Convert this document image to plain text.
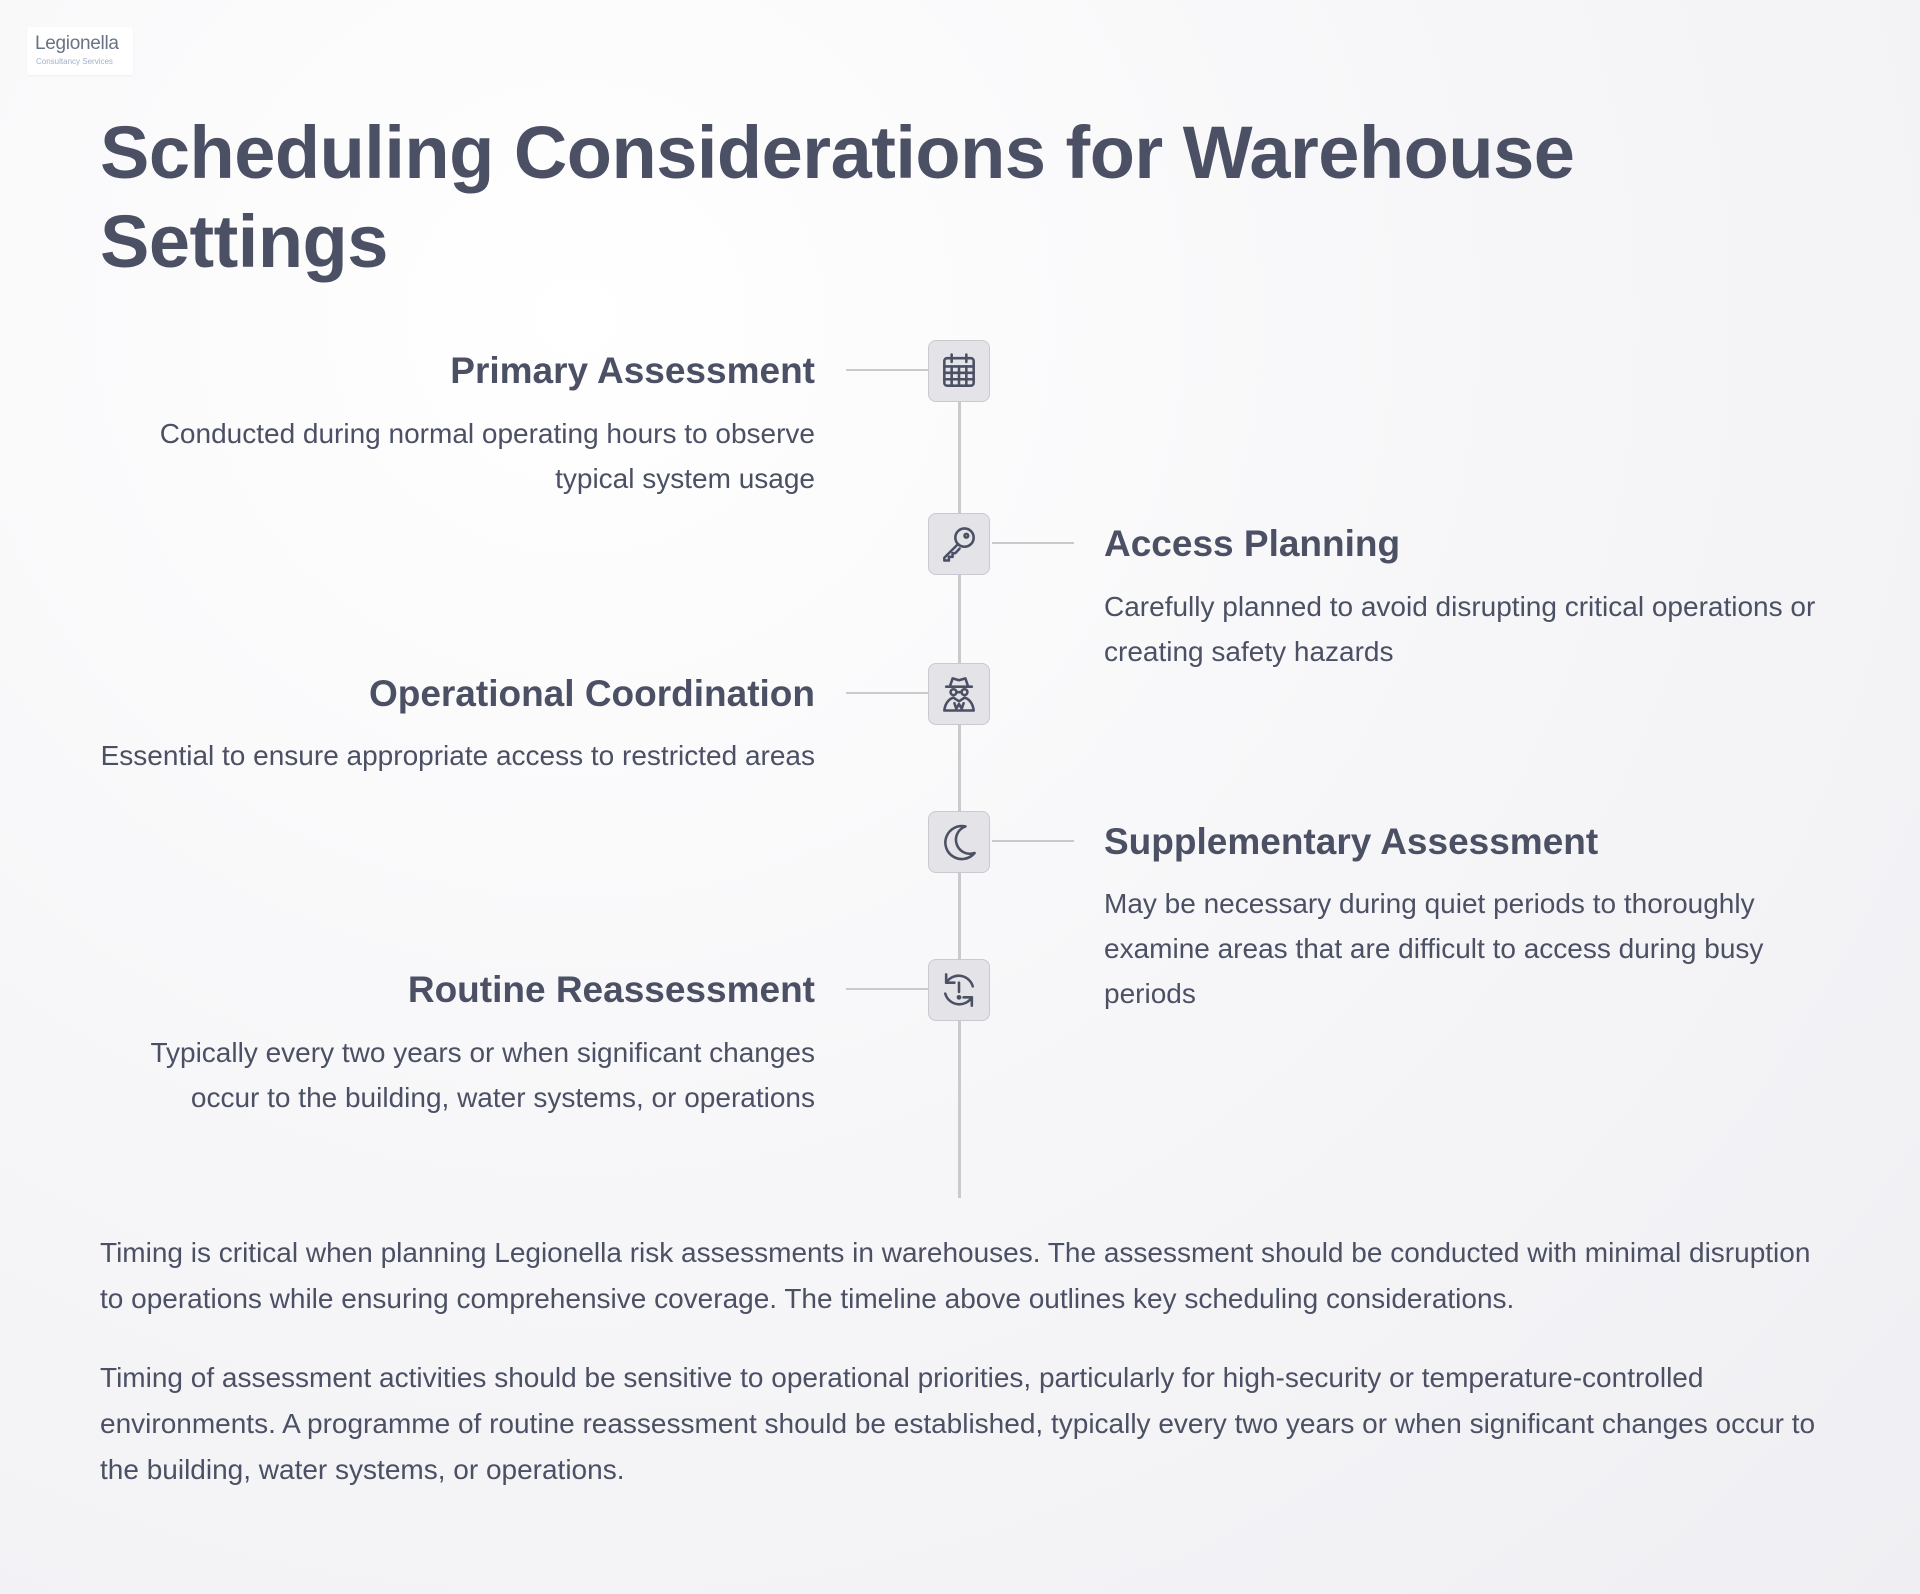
Legionella
Consultancy Services
Scheduling Considerations for Warehouse Settings
Primary Assessment

Conducted during normal operating hours to observe typical system usage

Access Planning

Carefully planned to avoid disrupting critical operations or creating safety hazards

Operational Coordination

Essential to ensure appropriate access to restricted areas

Supplementary Assessment

May be necessary during quiet periods to thoroughly examine areas that are difficult to access during busy periods

Routine Reassessment

Typically every two years or when significant changes occur to the building, water systems, or operations

Timing is critical when planning Legionella risk assessments in warehouses. The assessment should be conducted with minimal disruption to operations while ensuring comprehensive coverage. The timeline above outlines key scheduling considerations.

Timing of assessment activities should be sensitive to operational priorities, particularly for high-security or temperature-controlled environments. A programme of routine reassessment should be established, typically every two years or when significant changes occur to the building, water systems, or operations.
